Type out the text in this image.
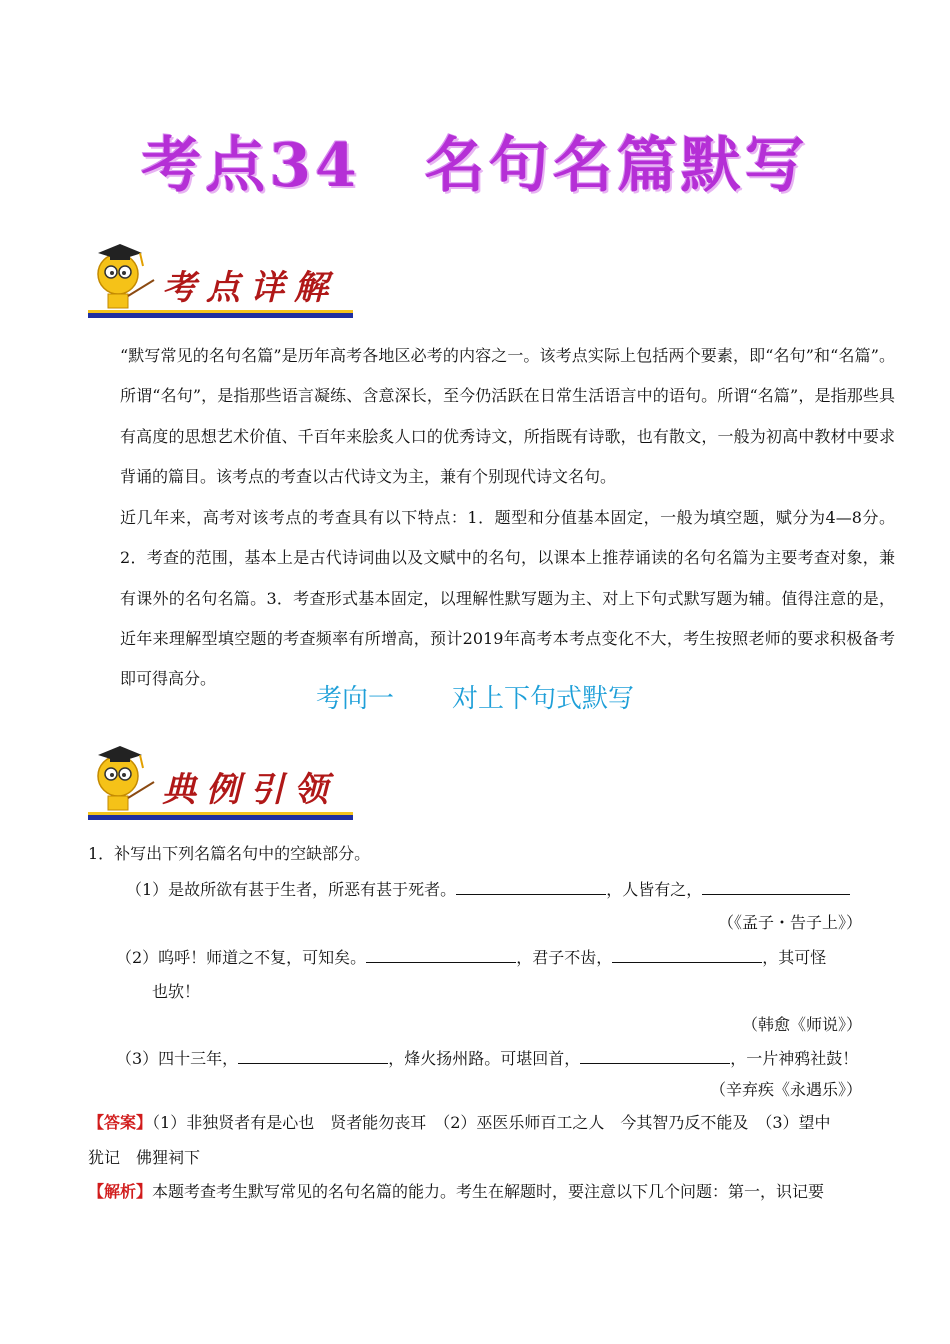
考点34　名句名篇默写
考点详解
“默写常见的名句名篇”是历年高考各地区必考的内容之一。该考点实际上包括两个要素，即“名句”和“名篇”。所谓“名句”，是指那些语言凝练、含意深长，至今仍活跃在日常生活语言中的语句。所谓“名篇”，是指那些具有高度的思想艺术价值、千百年来脍炙人口的优秀诗文，所指既有诗歌，也有散文，一般为初高中教材中要求背诵的篇目。该考点的考查以古代诗文为主，兼有个别现代诗文名句。
近几年来，高考对该考点的考查具有以下特点：1．题型和分值基本固定，一般为填空题，赋分为4—8分。2．考查的范围，基本上是古代诗词曲以及文赋中的名句，以课本上推荐诵读的名句名篇为主要考查对象，兼有课外的名句名篇。3．考查形式基本固定，以理解性默写题为主、对上下句式默写题为辅。值得注意的是，近年来理解型填空题的考查频率有所增高，预计2019年高考本考点变化不大，考生按照老师的要求积极备考即可得高分。
考向一 对上下句式默写
典例引领
1．补写出下列名篇名句中的空缺部分。
（1）是故所欲有甚于生者，所恶有甚于死者。	，人皆有之，
（《孟子・告子上》）
（2）呜呼！师道之不复，可知矣。	，君子不齿，	，其可怪
也欤！
（韩愈《师说》）
（3）四十三年，	，烽火扬州路。可堪回首，	，一片神鸦社鼓！
（辛弃疾《永遇乐》）
【答案】（1）非独贤者有是心也　贤者能勿丧耳　（2）巫医乐师百工之人　今其智乃反不能及　（3）望中
犹记　佛狸祠下
【解析】本题考查考生默写常见的名句名篇的能力。考生在解题时，要注意以下几个问题：第一，识记要
